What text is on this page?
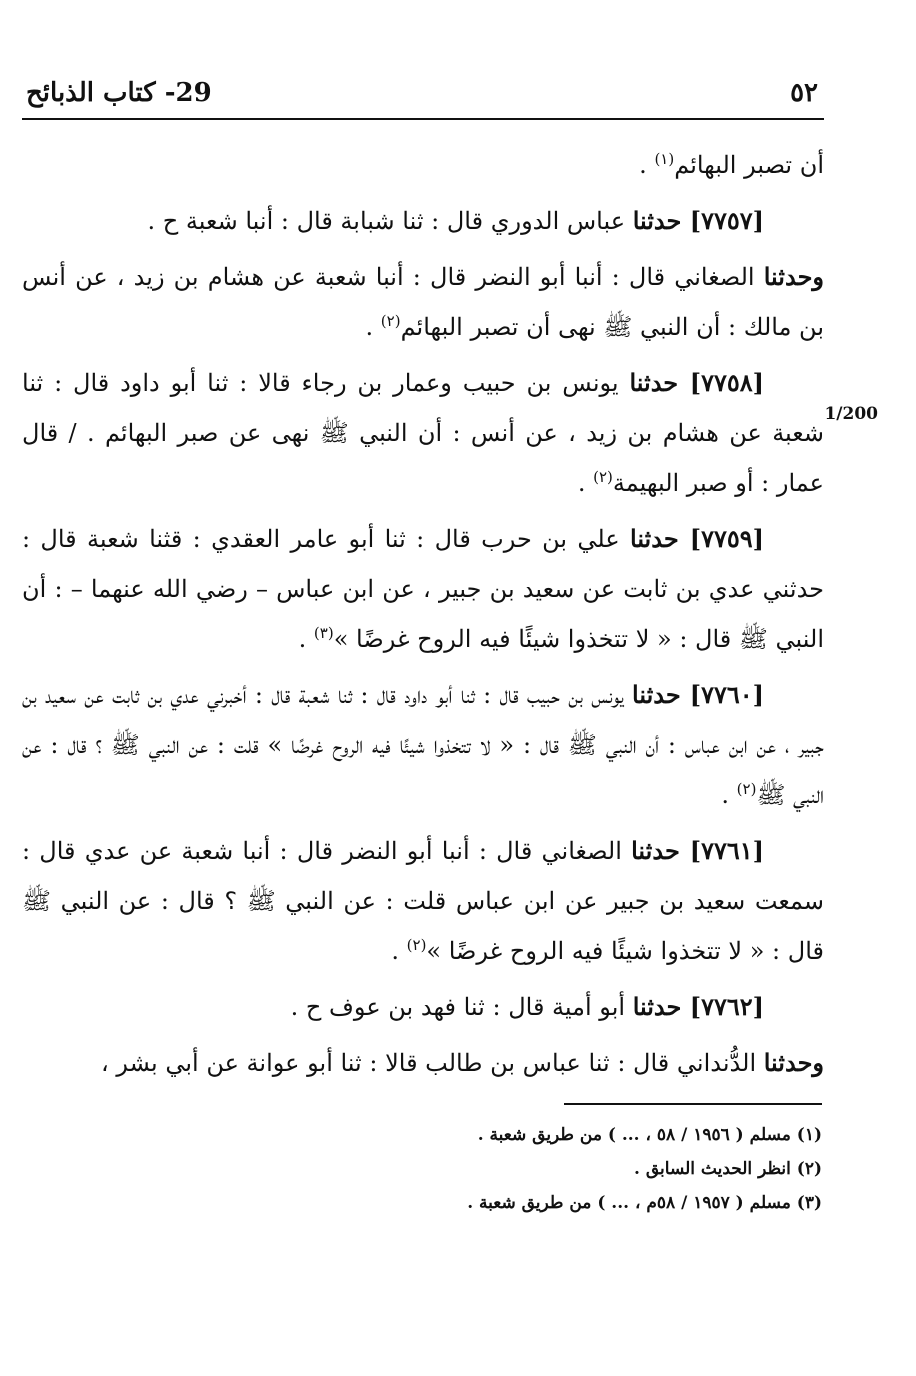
٥٢
29- كتاب الذبائح
1/200

أن تصبر البهائم$^{(١)}$ .

[٧٧٥٧] حدثنا عباس الدوري قال : ثنا شبابة قال : أنبا شعبة ح .

وحدثنا الصغاني قال : أنبا أبو النضر قال : أنبا شعبة عن هشام بن زيد ، عن أنس بن مالك : أن النبي ﷺ نهى أن تصبر البهائم$^{(٢)}$ .

[٧٧٥٨] حدثنا يونس بن حبيب وعمار بن رجاء قالا : ثنا أبو داود قال : ثنا شعبة عن هشام بن زيد ، عن أنس : أن النبي ﷺ نهى عن صبر البهائم . / قال عمار : أو صبر البهيمة$^{(٢)}$ .

[٧٧٥٩] حدثنا علي بن حرب قال : ثنا أبو عامر العقدي : قثنا شعبة قال : حدثني عدي بن ثابت عن سعيد بن جبير ، عن ابن عباس – رضي الله عنهما – : أن النبي ﷺ قال : « لا تتخذوا شيئًا فيه الروح غرضًا »$^{(٣)}$ .

[٧٧٦٠] حدثنا يونس بن حبيب قال : ثنا أبو داود قال : ثنا شعبة قال : أخبرني عدي بن ثابت عن سعيد بن جبير ، عن ابن عباس : أن النبي ﷺ قال : « لا تتخذوا شيئًا فيه الروح غرضًا » قلت : عن النبي ﷺ ؟ قال : عن النبي ﷺ$^{(٢)}$ .

[٧٧٦١] حدثنا الصغاني قال : أنبا أبو النضر قال : أنبا شعبة عن عدي قال : سمعت سعيد بن جبير عن ابن عباس قلت : عن النبي ﷺ ؟ قال : عن النبي ﷺ قال : « لا تتخذوا شيئًا فيه الروح غرضًا »$^{(٢)}$ .

[٧٧٦٢] حدثنا أبو أمية قال : ثنا فهد بن عوف ح .

وحدثنا الدُّنداني قال : ثنا عباس بن طالب قالا : ثنا أبو عوانة عن أبي بشر ،

(١) مسلم ( ١٩٥٦ / ٥٨ ، ... ) من طريق شعبة .

(٢) انظر الحديث السابق .

(٣) مسلم ( ١٩٥٧ / ٥٨م ، ... ) من طريق شعبة .
